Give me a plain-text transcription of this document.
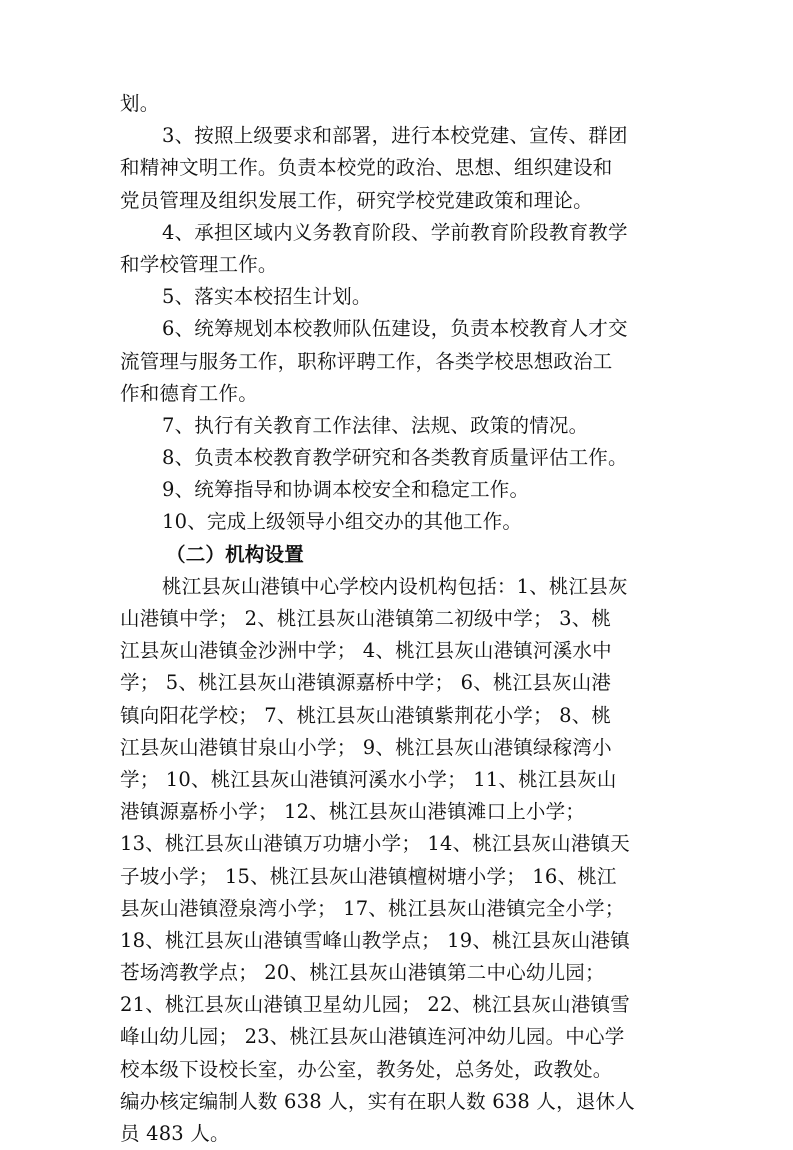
划。
3、按照上级要求和部署，进行本校党建、宣传、群团
和精神文明工作。负责本校党的政治、思想、组织建设和
党员管理及组织发展工作，研究学校党建政策和理论。
4、承担区域内义务教育阶段、学前教育阶段教育教学
和学校管理工作。
5、落实本校招生计划。
6、统筹规划本校教师队伍建设，负责本校教育人才交
流管理与服务工作，职称评聘工作，各类学校思想政治工
作和德育工作。
7、执行有关教育工作法律、法规、政策的情况。
8、负责本校教育教学研究和各类教育质量评估工作。
9、统筹指导和协调本校安全和稳定工作。
10、完成上级领导小组交办的其他工作。
（二）机构设置
桃江县灰山港镇中心学校内设机构包括：1、桃江县灰
山港镇中学； 2、桃江县灰山港镇第二初级中学； 3、桃
江县灰山港镇金沙洲中学； 4、桃江县灰山港镇河溪水中
学； 5、桃江县灰山港镇源嘉桥中学； 6、桃江县灰山港
镇向阳花学校； 7、桃江县灰山港镇紫荆花小学； 8、桃
江县灰山港镇甘泉山小学； 9、桃江县灰山港镇绿稼湾小
学； 10、桃江县灰山港镇河溪水小学； 11、桃江县灰山
港镇源嘉桥小学； 12、桃江县灰山港镇滩口上小学；
13、桃江县灰山港镇万功塘小学； 14、桃江县灰山港镇天
子坡小学； 15、桃江县灰山港镇檀树塘小学； 16、桃江
县灰山港镇澄泉湾小学； 17、桃江县灰山港镇完全小学；
18、桃江县灰山港镇雪峰山教学点； 19、桃江县灰山港镇
苍场湾教学点； 20、桃江县灰山港镇第二中心幼儿园；
21、桃江县灰山港镇卫星幼儿园； 22、桃江县灰山港镇雪
峰山幼儿园； 23、桃江县灰山港镇连河冲幼儿园。中心学
校本级下设校长室，办公室，教务处，总务处，政教处。
编办核定编制人数 638 人，实有在职人数 638 人，退休人
员 483 人。
